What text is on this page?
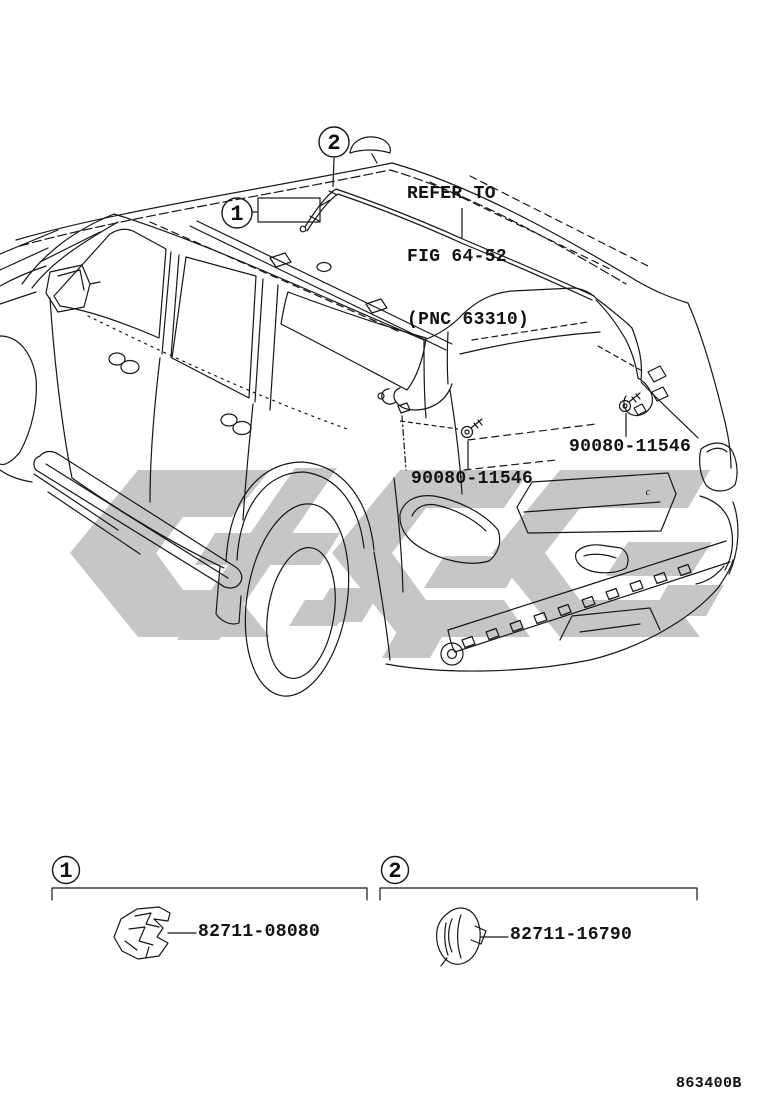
1
2
1	2
c

REFER TO

FIG 64-52

(PNC 63310)

90080-11546
90080-11546
82711-08080	82711-16790
863400B
